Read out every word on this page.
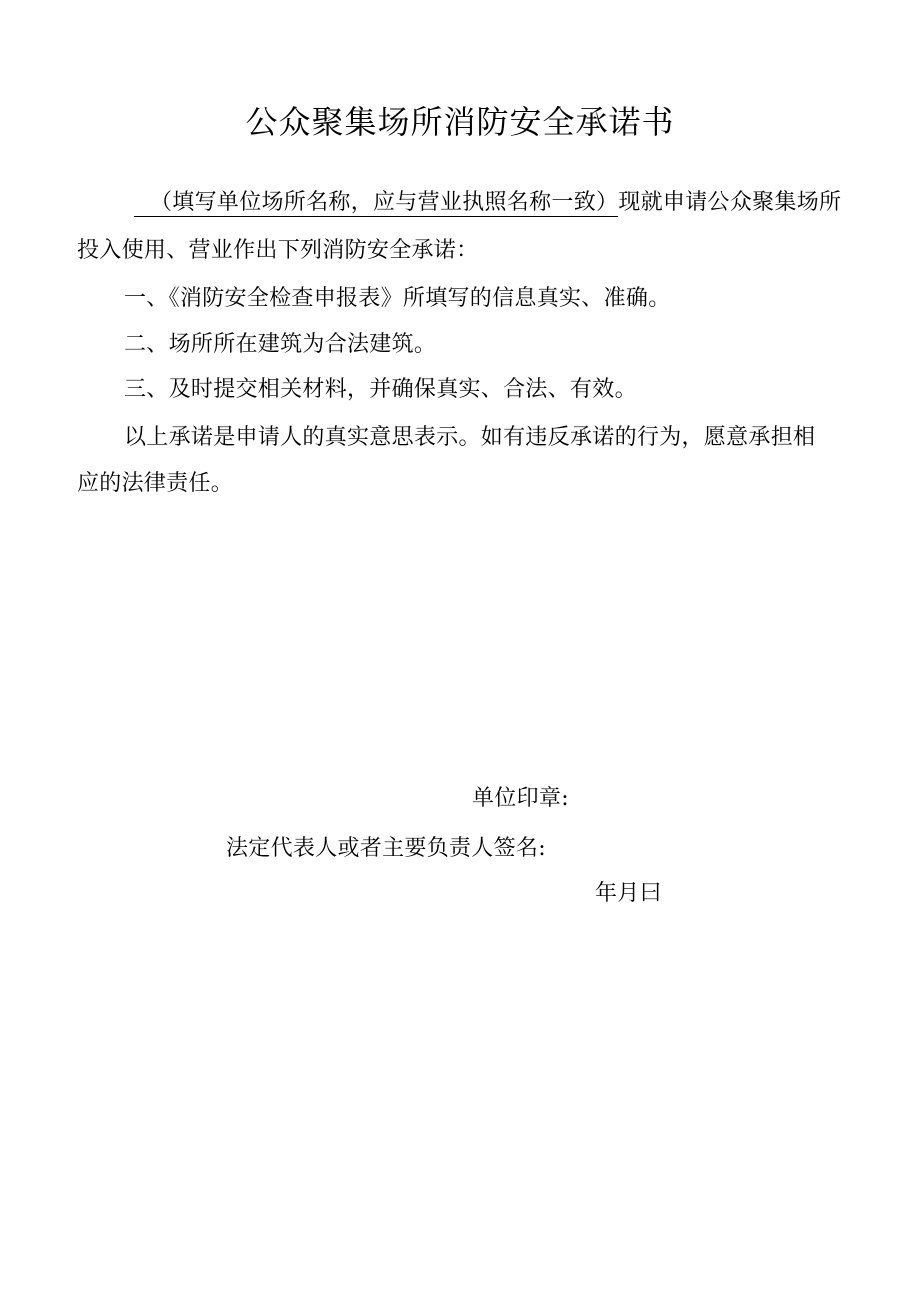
公众聚集场所消防安全承诺书
（填写单位场所名称，应与营业执照名称一致）现就申请公众聚集场所
投入使用、营业作出下列消防安全承诺：
一、《消防安全检查申报表》所填写的信息真实、准确。
二、场所所在建筑为合法建筑。
三、及时提交相关材料，并确保真实、合法、有效。
以上承诺是申请人的真实意思表示。如有违反承诺的行为，愿意承担相
应的法律责任。
单位印章:
法定代表人或者主要负责人签名:
年月曰
